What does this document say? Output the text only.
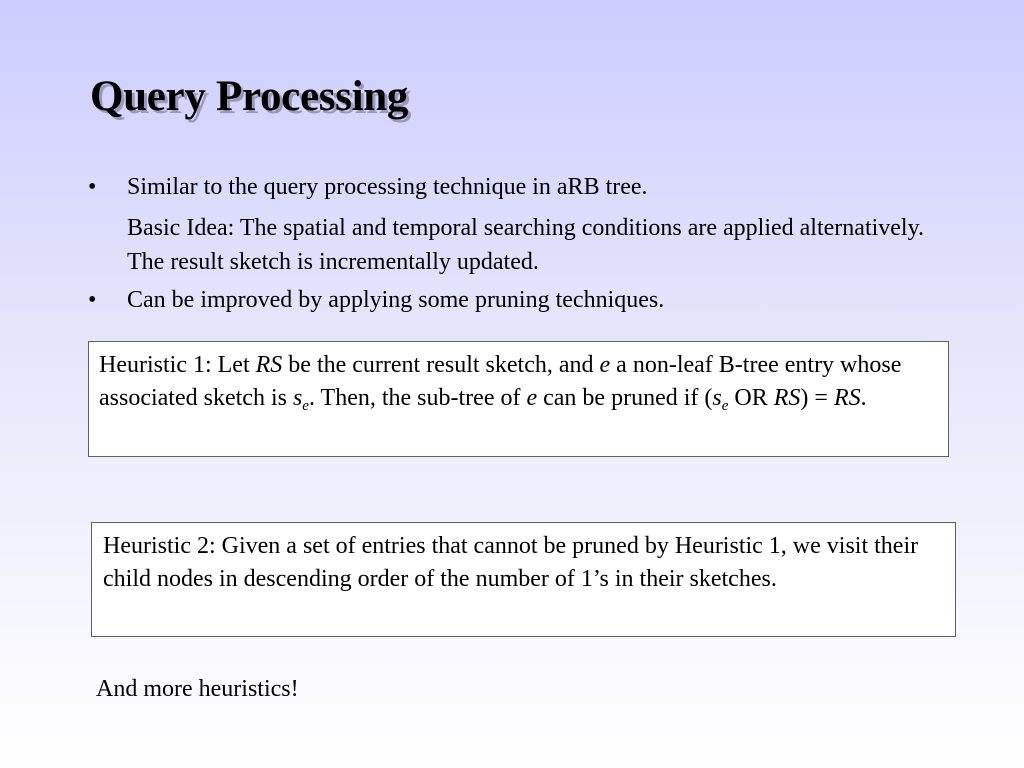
Query Processing
• Similar to the query processing technique in aRB tree.
Basic Idea: The spatial and temporal searching conditions are applied alternatively. The result sketch is incrementally updated.
• Can be improved by applying some pruning techniques.
Heuristic 1: Let RS be the current result sketch, and e a non-leaf B-tree entry whose associated sketch is $s_e$. Then, the sub-tree of e can be pruned if ($s_e$ OR RS) = RS.
Heuristic 2: Given a set of entries that cannot be pruned by Heuristic 1, we visit their child nodes in descending order of the number of 1’s in their sketches.
And more heuristics!
